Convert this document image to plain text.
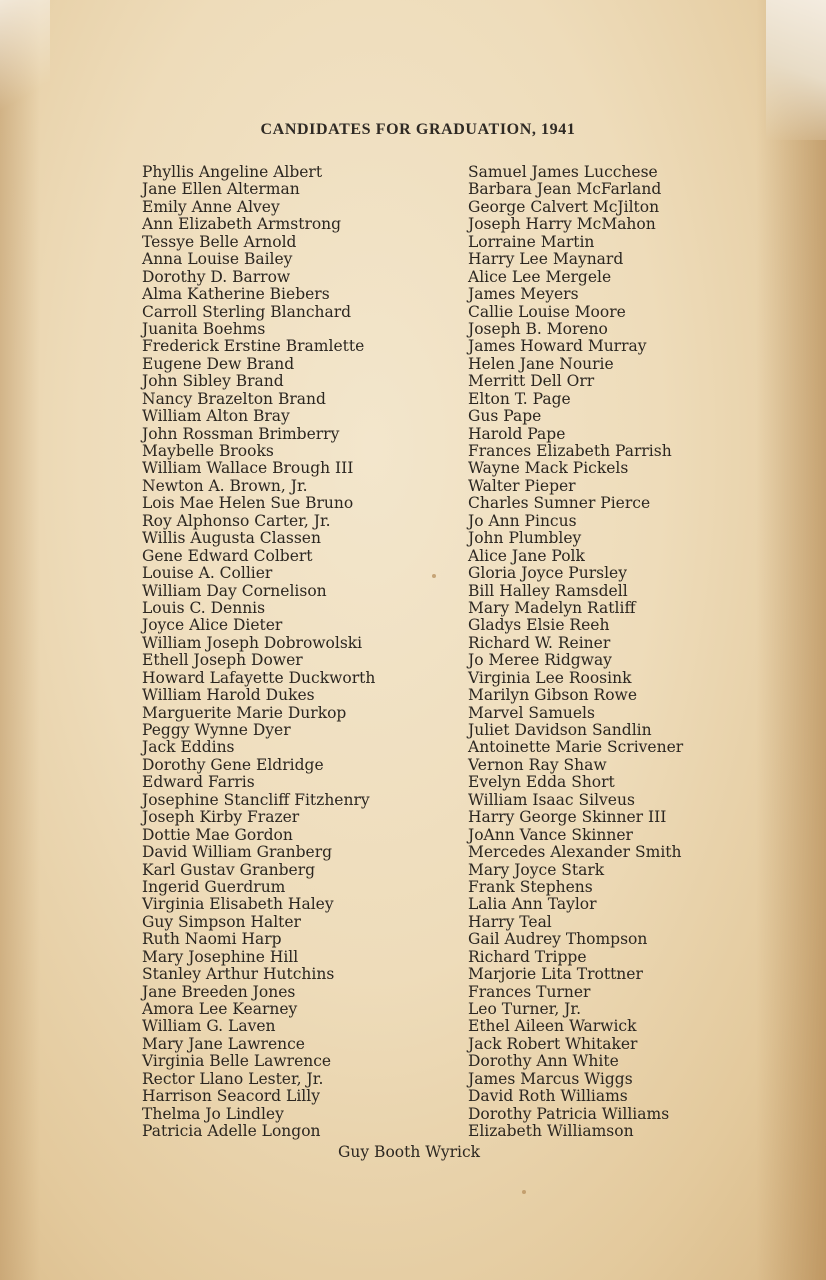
CANDIDATES FOR GRADUATION, 1941
Phyllis Angeline Albert
Jane Ellen Alterman
Emily Anne Alvey
Ann Elizabeth Armstrong
Tessye Belle Arnold
Anna Louise Bailey
Dorothy D. Barrow
Alma Katherine Biebers
Carroll Sterling Blanchard
Juanita Boehms
Frederick Erstine Bramlette
Eugene Dew Brand
John Sibley Brand
Nancy Brazelton Brand
William Alton Bray
John Rossman Brimberry
Maybelle Brooks
William Wallace Brough III
Newton A. Brown, Jr.
Lois Mae Helen Sue Bruno
Roy Alphonso Carter, Jr.
Willis Augusta Classen
Gene Edward Colbert
Louise A. Collier
William Day Cornelison
Louis C. Dennis
Joyce Alice Dieter
William Joseph Dobrowolski
Ethell Joseph Dower
Howard Lafayette Duckworth
William Harold Dukes
Marguerite Marie Durkop
Peggy Wynne Dyer
Jack Eddins
Dorothy Gene Eldridge
Edward Farris
Josephine Stancliff Fitzhenry
Joseph Kirby Frazer
Dottie Mae Gordon
David William Granberg
Karl Gustav Granberg
Ingerid Guerdrum
Virginia Elisabeth Haley
Guy Simpson Halter
Ruth Naomi Harp
Mary Josephine Hill
Stanley Arthur Hutchins
Jane Breeden Jones
Amora Lee Kearney
William G. Laven
Mary Jane Lawrence
Virginia Belle Lawrence
Rector Llano Lester, Jr.
Harrison Seacord Lilly
Thelma Jo Lindley
Patricia Adelle Longon
Samuel James Lucchese
Barbara Jean McFarland
George Calvert McJilton
Joseph Harry McMahon
Lorraine Martin
Harry Lee Maynard
Alice Lee Mergele
James Meyers
Callie Louise Moore
Joseph B. Moreno
James Howard Murray
Helen Jane Nourie
Merritt Dell Orr
Elton T. Page
Gus Pape
Harold Pape
Frances Elizabeth Parrish
Wayne Mack Pickels
Walter Pieper
Charles Sumner Pierce
Jo Ann Pincus
John Plumbley
Alice Jane Polk
Gloria Joyce Pursley
Bill Halley Ramsdell
Mary Madelyn Ratliff
Gladys Elsie Reeh
Richard W. Reiner
Jo Meree Ridgway
Virginia Lee Roosink
Marilyn Gibson Rowe
Marvel Samuels
Juliet Davidson Sandlin
Antoinette Marie Scrivener
Vernon Ray Shaw
Evelyn Edda Short
William Isaac Silveus
Harry George Skinner III
JoAnn Vance Skinner
Mercedes Alexander Smith
Mary Joyce Stark
Frank Stephens
Lalia Ann Taylor
Harry Teal
Gail Audrey Thompson
Richard Trippe
Marjorie Lita Trottner
Frances Turner
Leo Turner, Jr.
Ethel Aileen Warwick
Jack Robert Whitaker
Dorothy Ann White
James Marcus Wiggs
David Roth Williams
Dorothy Patricia Williams
Elizabeth Williamson
Guy Booth Wyrick
